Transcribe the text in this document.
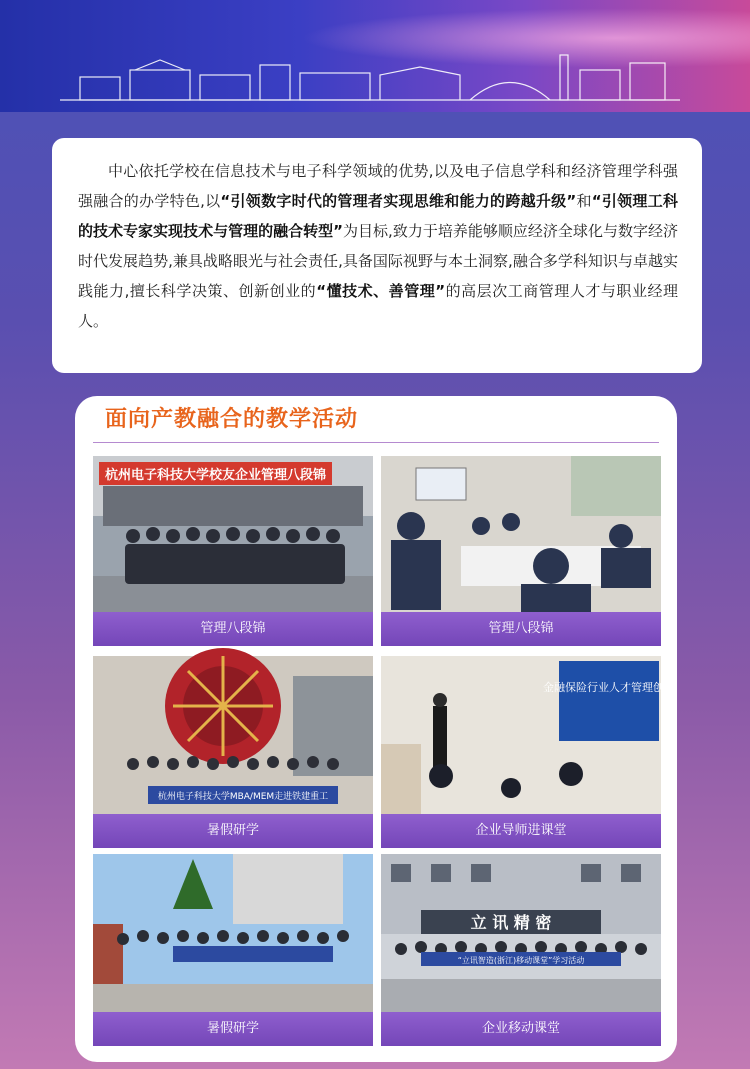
中心依托学校在信息技术与电子科学领域的优势,以及电子信息学科和经济管理学科强强融合的办学特色,以“引领数字时代的管理者实现思维和能力的跨越升级”和“引领理工科的技术专家实现技术与管理的融合转型”为目标,致力于培养能够顺应经济全球化与数字经济时代发展趋势,兼具战略眼光与社会责任,具备国际视野与本土洞察,融合多学科知识与卓越实践能力,擅长科学决策、创新创业的“懂技术、善管理”的高层次工商管理人才与职业经理人。

面向产教融合的教学活动
杭州电子科技大学校友企业管理八段锦
管理八段锦	管理八段锦
杭州电子科技大学MBA/MEM走进铁建重工
暑假研学
金融保险行业人才管理创新
企业导师进课堂
暑假研学
立 讯 精 密
“立讯智造(浙江)移动课堂”学习活动
企业移动课堂
